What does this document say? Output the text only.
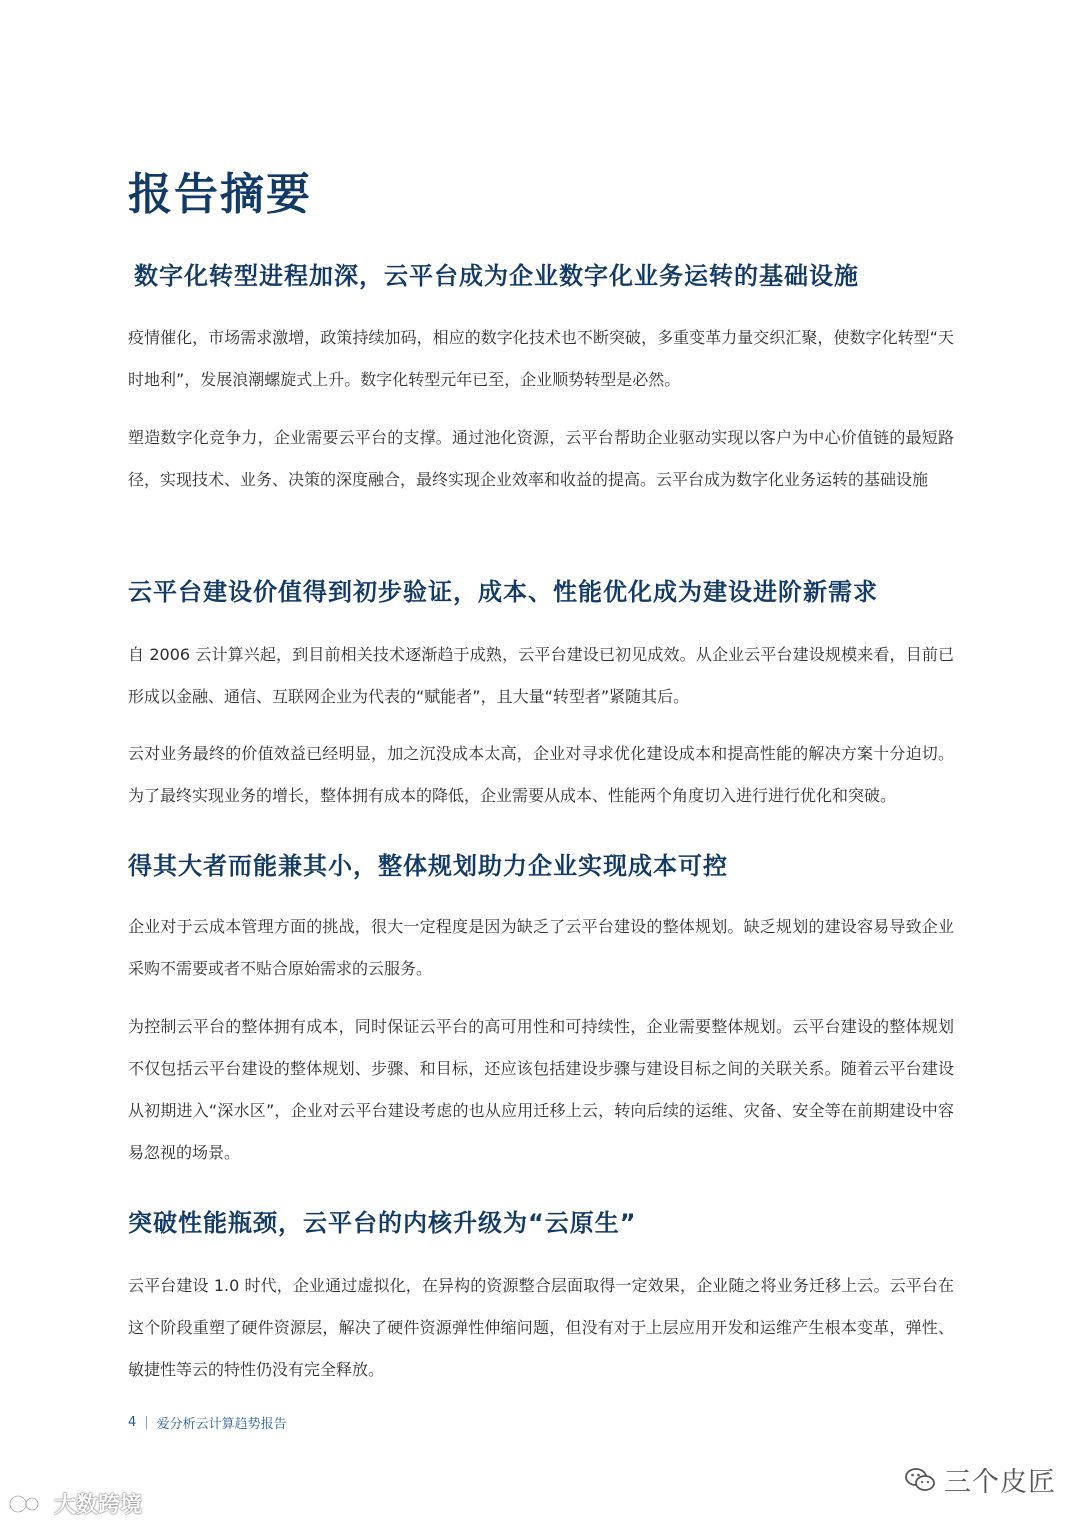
报告摘要
数字化转型进程加深，云平台成为企业数字化业务运转的基础设施

疫情催化，市场需求激增，政策持续加码，相应的数字化技术也不断突破，多重变革力量交织汇聚，使数字化转型“天时地利”，发展浪潮螺旋式上升。数字化转型元年已至，企业顺势转型是必然。

塑造数字化竞争力，企业需要云平台的支撑。通过池化资源，云平台帮助企业驱动实现以客户为中心价值链的最短路径，实现技术、业务、决策的深度融合，最终实现企业效率和收益的提高。云平台成为数字化业务运转的基础设施

云平台建设价值得到初步验证，成本、性能优化成为建设进阶新需求

自 2006 云计算兴起，到目前相关技术逐渐趋于成熟，云平台建设已初见成效。从企业云平台建设规模来看，目前已形成以金融、通信、互联网企业为代表的“赋能者”，且大量“转型者”紧随其后。

云对业务最终的价值效益已经明显，加之沉没成本太高，企业对寻求优化建设成本和提高性能的解决方案十分迫切。为了最终实现业务的增长，整体拥有成本的降低，企业需要从成本、性能两个角度切入进行进行优化和突破。

得其大者而能兼其小，整体规划助力企业实现成本可控

企业对于云成本管理方面的挑战，很大一定程度是因为缺乏了云平台建设的整体规划。缺乏规划的建设容易导致企业采购不需要或者不贴合原始需求的云服务。

为控制云平台的整体拥有成本，同时保证云平台的高可用性和可持续性，企业需要整体规划。云平台建设的整体规划不仅包括云平台建设的整体规划、步骤、和目标，还应该包括建设步骤与建设目标之间的关联关系。随着云平台建设从初期进入“深水区”，企业对云平台建设考虑的也从应用迁移上云，转向后续的运维、灾备、安全等在前期建设中容易忽视的场景。

突破性能瓶颈，云平台的内核升级为“云原生”

云平台建设 1.0 时代，企业通过虚拟化，在异构的资源整合层面取得一定效果，企业随之将业务迁移上云。云平台在这个阶段重塑了硬件资源层，解决了硬件资源弹性伸缩问题，但没有对于上层应用开发和运维产生根本变革，弹性、敏捷性等云的特性仍没有完全释放。

4 | 爱分析云计算趋势报告
大数跨境
三个皮匠
